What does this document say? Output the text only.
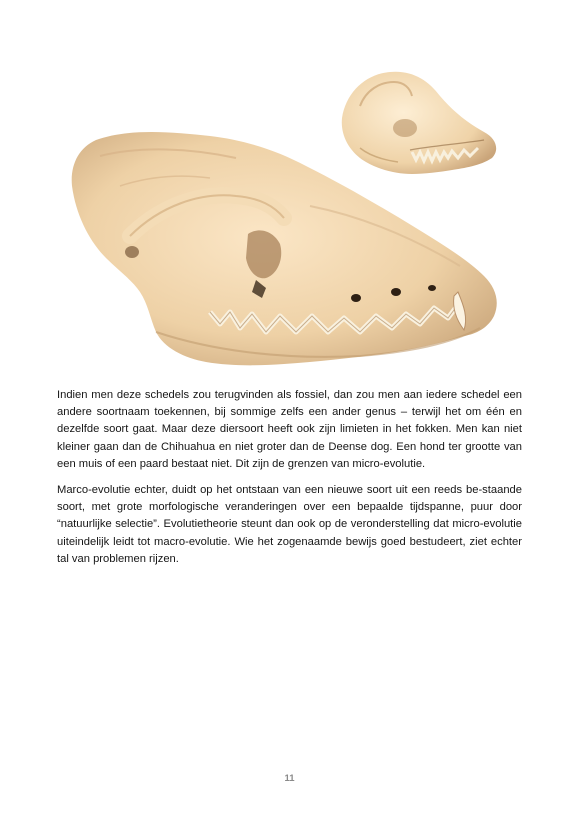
Indien men deze schedels zou terugvinden als fossiel, dan zou men aan iedere schedel een andere soortnaam toekennen, bij sommige zelfs een ander genus – terwijl het om één en dezelfde soort gaat. Maar deze diersoort heeft ook zijn limieten in het fokken. Men kan niet kleiner gaan dan de Chihuahua en niet groter dan de Deense dog. Een hond ter grootte van een muis of een paard bestaat niet. Dit zijn de grenzen van micro-evolutie.

Marco-evolutie echter, duidt op het ontstaan van een nieuwe soort uit een reeds be-staande soort, met grote morfologische veranderingen over een bepaalde tijdspanne, puur door “natuurlijke selectie”. Evolutietheorie steunt dan ook op de veronderstelling dat micro-evolutie uiteindelijk leidt tot macro-evolutie. Wie het zogenaamde bewijs goed bestudeert, ziet echter tal van problemen rijzen.

11
